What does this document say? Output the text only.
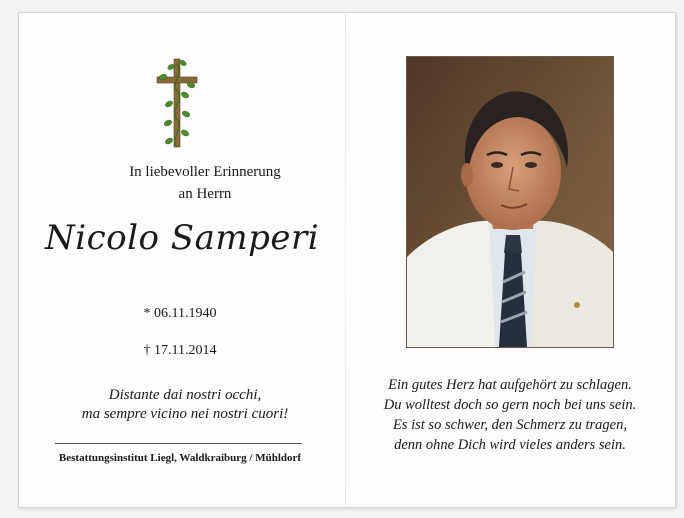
In liebevoller Erinnerung
an Herrn
Nicolo Samperi
* 06.11.1940
† 17.11.2014
Distante dai nostri occhi,
ma sempre vicino nei nostri cuori!
Bestattungsinstitut Liegl, Waldkraiburg / Mühldorf
Ein gutes Herz hat aufgehört zu schlagen.
Du wolltest doch so gern noch bei uns sein.
Es ist so schwer, den Schmerz zu tragen,
denn ohne Dich wird vieles anders sein.
